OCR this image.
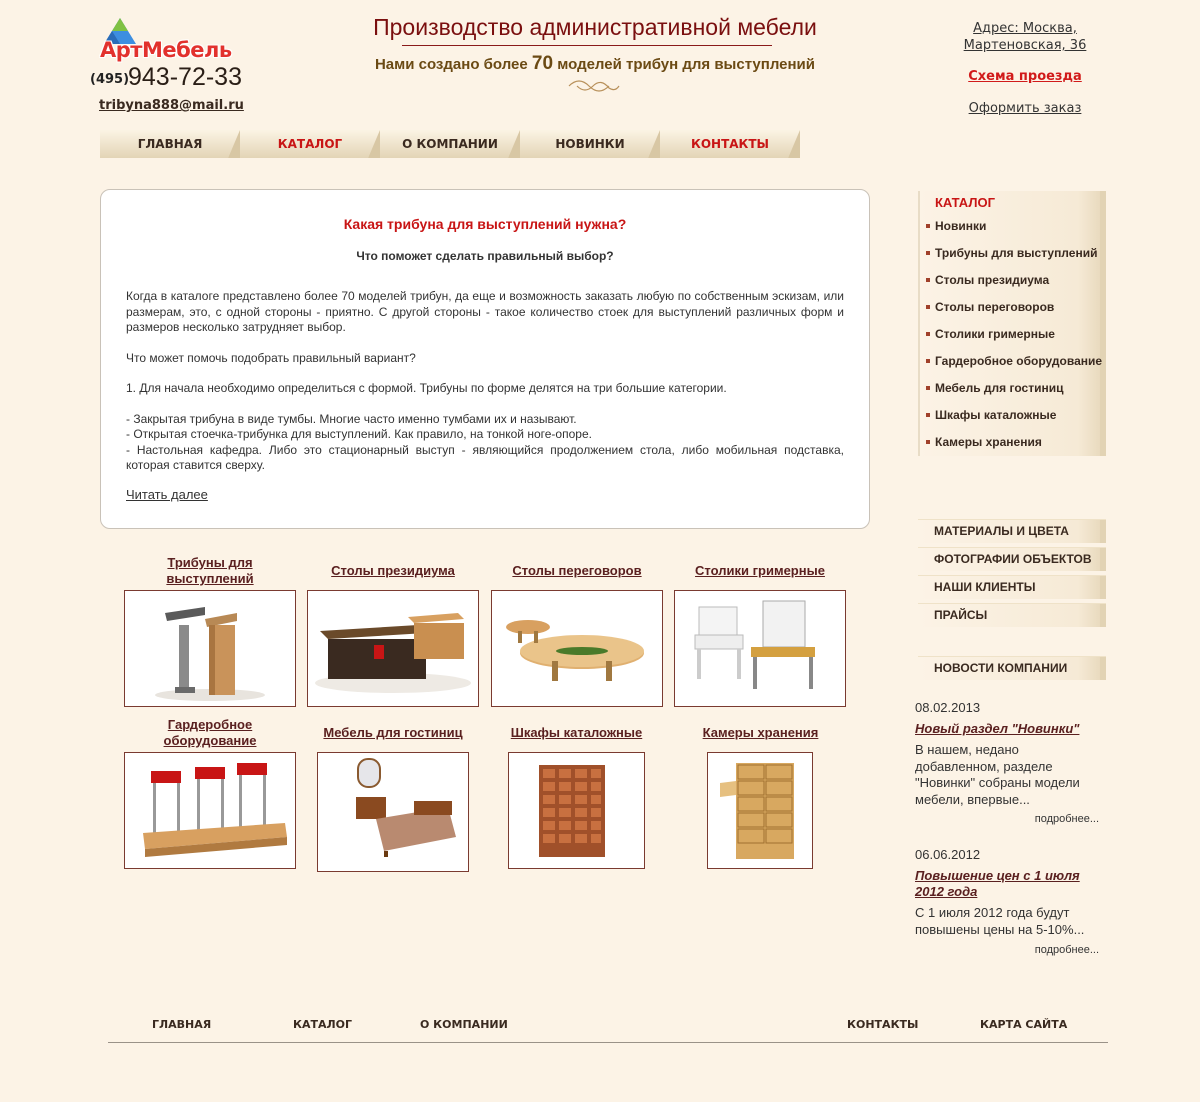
АртМебель
(495)
943-72-33
tribyna888@mail.ru
Производство административной мебели
Нами создано более 70 моделей трибун для выступлений
Адрес: Москва,
Мартеновская, 36
Схема проезда
Оформить заказ
ГЛАВНАЯ	КАТАЛОГ	О КОМПАНИИ	НОВИНКИ	КОНТАКТЫ
Какая трибуна для выступлений нужна?
Что поможет сделать правильный выбор?

Когда в каталоге представлено более 70 моделей трибун, да еще и возможность заказать любую по собственным эскизам, или размерам, это, с одной стороны - приятно. С другой стороны - такое количество стоек для выступлений различных форм и размеров несколько затрудняет выбор.

Что может помочь подобрать правильный вариант?

1. Для начала необходимо определиться с формой. Трибуны по форме делятся на три большие категории.

- Закрытая трибуна в виде тумбы. Многие часто именно тумбами их и называют.
- Открытая стоечка-трибунка для выступлений. Как правило, на тонкой ноге-опоре.
- Настольная кафедра. Либо это стационарный выступ - являющийся продолжением стола, либо мобильная подставка, которая ставится сверху.

Читать далее
Трибуны для
выступлений
Столы президиума	Столы переговоров	Столики гримерные
Гардеробное
оборудование
Мебель для гостиниц	Шкафы каталожные	Камеры хранения
КАТАЛОГ
Новинки
Трибуны для выступлений
Столы президиума
Столы переговоров
Столики гримерные
Гардеробное оборудование
Мебель для гостиниц
Шкафы каталожные
Камеры хранения
МАТЕРИАЛЫ И ЦВЕТА
ФОТОГРАФИИ ОБЪЕКТОВ
НАШИ КЛИЕНТЫ
ПРАЙСЫ
НОВОСТИ КОМПАНИИ
08.02.2013
Новый раздел "Новинки"
В нашем, недано добавленном, разделе "Новинки" собраны модели мебели, впервые...
подробнее...
06.06.2012
Повышение цен с 1 июля 2012 года
С 1 июля 2012 года будут повышены цены на 5-10%...
подробнее...
ГЛАВНАЯ	КАТАЛОГ	О КОМПАНИИ	КОНТАКТЫ	КАРТА САЙТА
